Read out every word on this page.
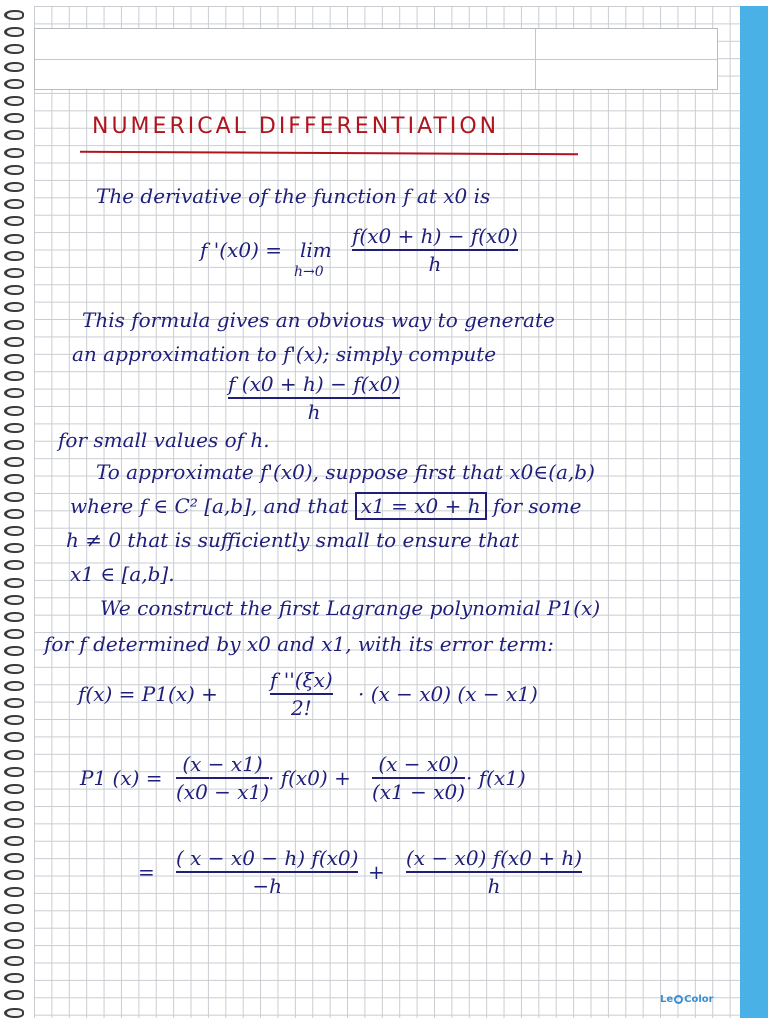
NUMERICAL DIFFERENTIATION
The derivative of the function f at x0 is
f '(x0) = lim
h→0
f(x0 + h) − f(x0)
h
This formula gives an obvious way to generate
an approximation to f'(x); simply compute
f (x0 + h) − f(x0)
h
for small values of h.
To approximate f'(x0), suppose first that x0∈(a,b)
where f ∈ C² [a,b], and that x1 = x0 + h for some
h ≠ 0 that is sufficiently small to ensure that
x1 ∈ [a,b].
We construct the first Lagrange polynomial P1(x)
for f determined by x0 and x1, with its error term:
f(x) = P1(x) +
f ''(ξx)
2!
· (x − x0) (x − x1)
P1 (x) =
(x − x1)
(x0 − x1)
· f(x0) +
(x − x0)
(x1 − x0)
· f(x1)
=
( x − x0 − h) f(x0)
−h
+
(x − x0) f(x0 + h)
h
Le Color
